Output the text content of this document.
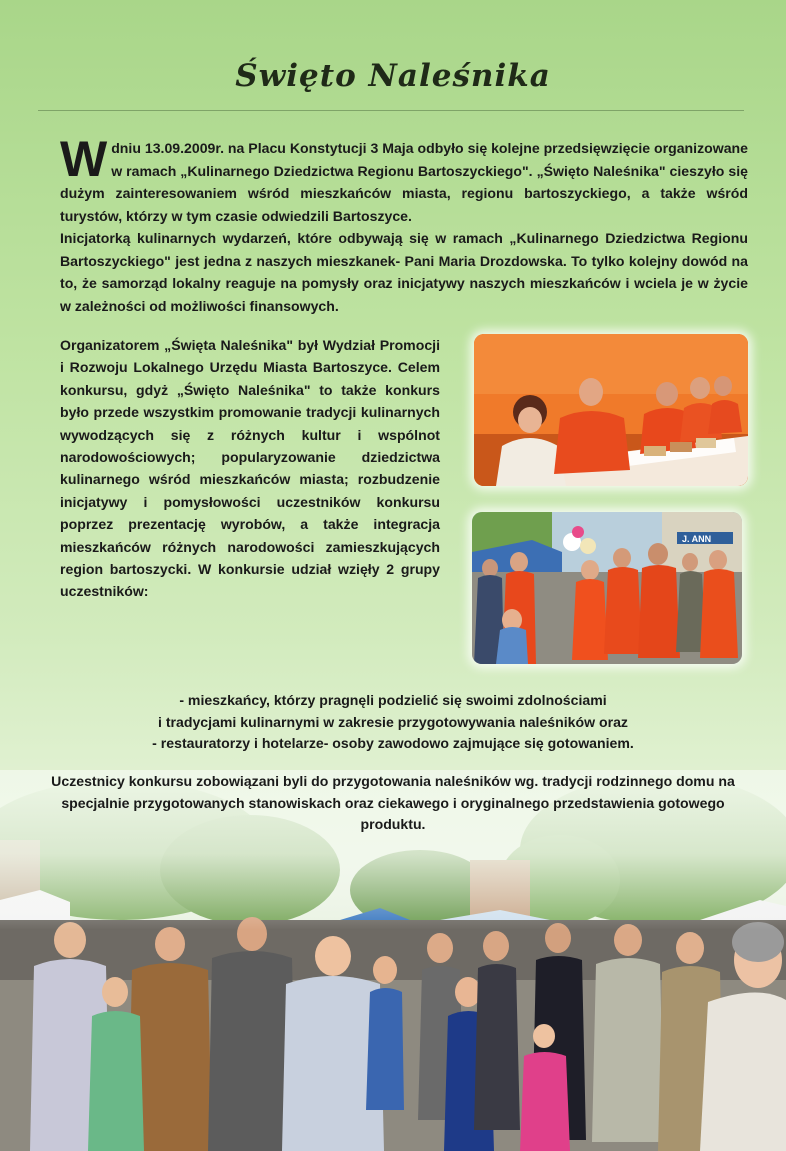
Święto Naleśnika
W dniu 13.09.2009r. na Placu Konstytucji 3 Maja odbyło się kolejne przedsięwzięcie organizowane w ramach „Kulinarnego Dziedzictwa Regionu Bartoszyckiego". „Święto Naleśnika" cieszyło się dużym zainteresowaniem wśród mieszkańców miasta, regionu bartoszyckiego, a także wśród turystów, którzy w tym czasie odwiedzili Bartoszyce.

Inicjatorką kulinarnych wydarzeń, które odbywają się w ramach „Kulinarnego Dziedzictwa Regionu Bartoszyckiego" jest jedna z naszych mieszkanek- Pani Maria Drozdowska. To tylko kolejny dowód na to, że samorząd lokalny reaguje na pomysły oraz inicjatywy naszych mieszkańców i wciela je w życie w zależności od możliwości finansowych.

Organizatorem „Święta Naleśnika" był Wydział Promocji i Rozwoju Lokalnego Urzędu Miasta Bartoszyce. Celem konkursu, gdyż „Święto Naleśnika" to także konkurs było przede wszystkim promowanie tradycji kulinarnych wywodzących się z różnych kultur i wspólnot narodowościowych; popularyzowanie dziedzictwa kulinarnego wśród mieszkańców miasta; rozbudzenie inicjatywy i pomysłowości uczestników konkursu poprzez prezentację wyrobów, a także integracja mieszkańców różnych narodowości zamieszkujących region bartoszycki. W konkursie udział wzięły 2 grupy uczestników:
J. ANN
- mieszkańcy, którzy pragnęli podzielić się swoimi zdolnościami
i tradycjami kulinarnymi w zakresie przygotowywania naleśników oraz
- restauratorzy i hotelarze- osoby zawodowo zajmujące się gotowaniem.
Uczestnicy konkursu zobowiązani byli do przygotowania naleśników wg. tradycji rodzinnego domu na specjalnie przygotowanych stanowiskach oraz ciekawego i oryginalnego przedstawienia gotowego produktu.
